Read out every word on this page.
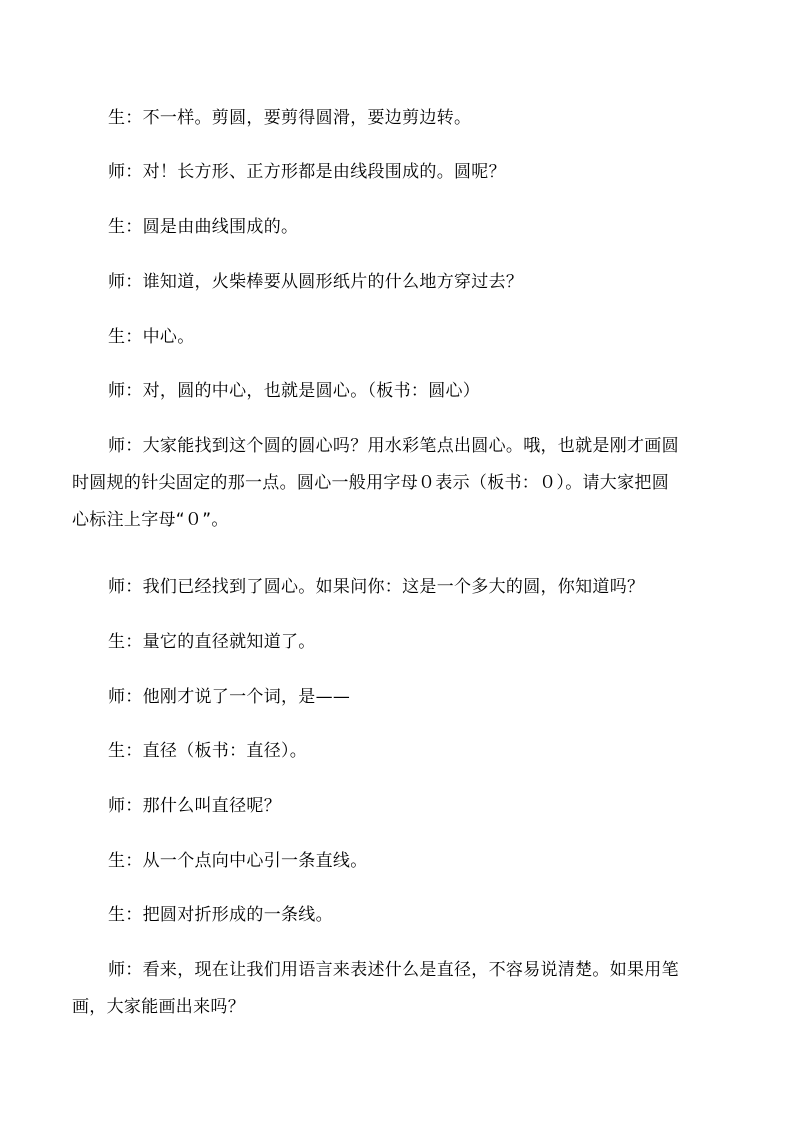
生：不一样。剪圆，要剪得圆滑，要边剪边转。
师：对！长方形、正方形都是由线段围成的。圆呢？
生：圆是由曲线围成的。
师：谁知道，火柴棒要从圆形纸片的什么地方穿过去？
生：中心。
师：对，圆的中心，也就是圆心。（板书：圆心）
师：大家能找到这个圆的圆心吗？用水彩笔点出圆心。哦，也就是刚才画圆
时圆规的针尖固定的那一点。圆心一般用字母０表示（板书：０）。请大家把圆
心标注上字母“０”。
师：我们已经找到了圆心。如果问你：这是一个多大的圆，你知道吗？
生：量它的直径就知道了。
师：他刚才说了一个词，是——
生：直径（板书：直径）。
师：那什么叫直径呢？
生：从一个点向中心引一条直线。
生：把圆对折形成的一条线。
师：看来，现在让我们用语言来表述什么是直径，不容易说清楚。如果用笔
画，大家能画出来吗？
